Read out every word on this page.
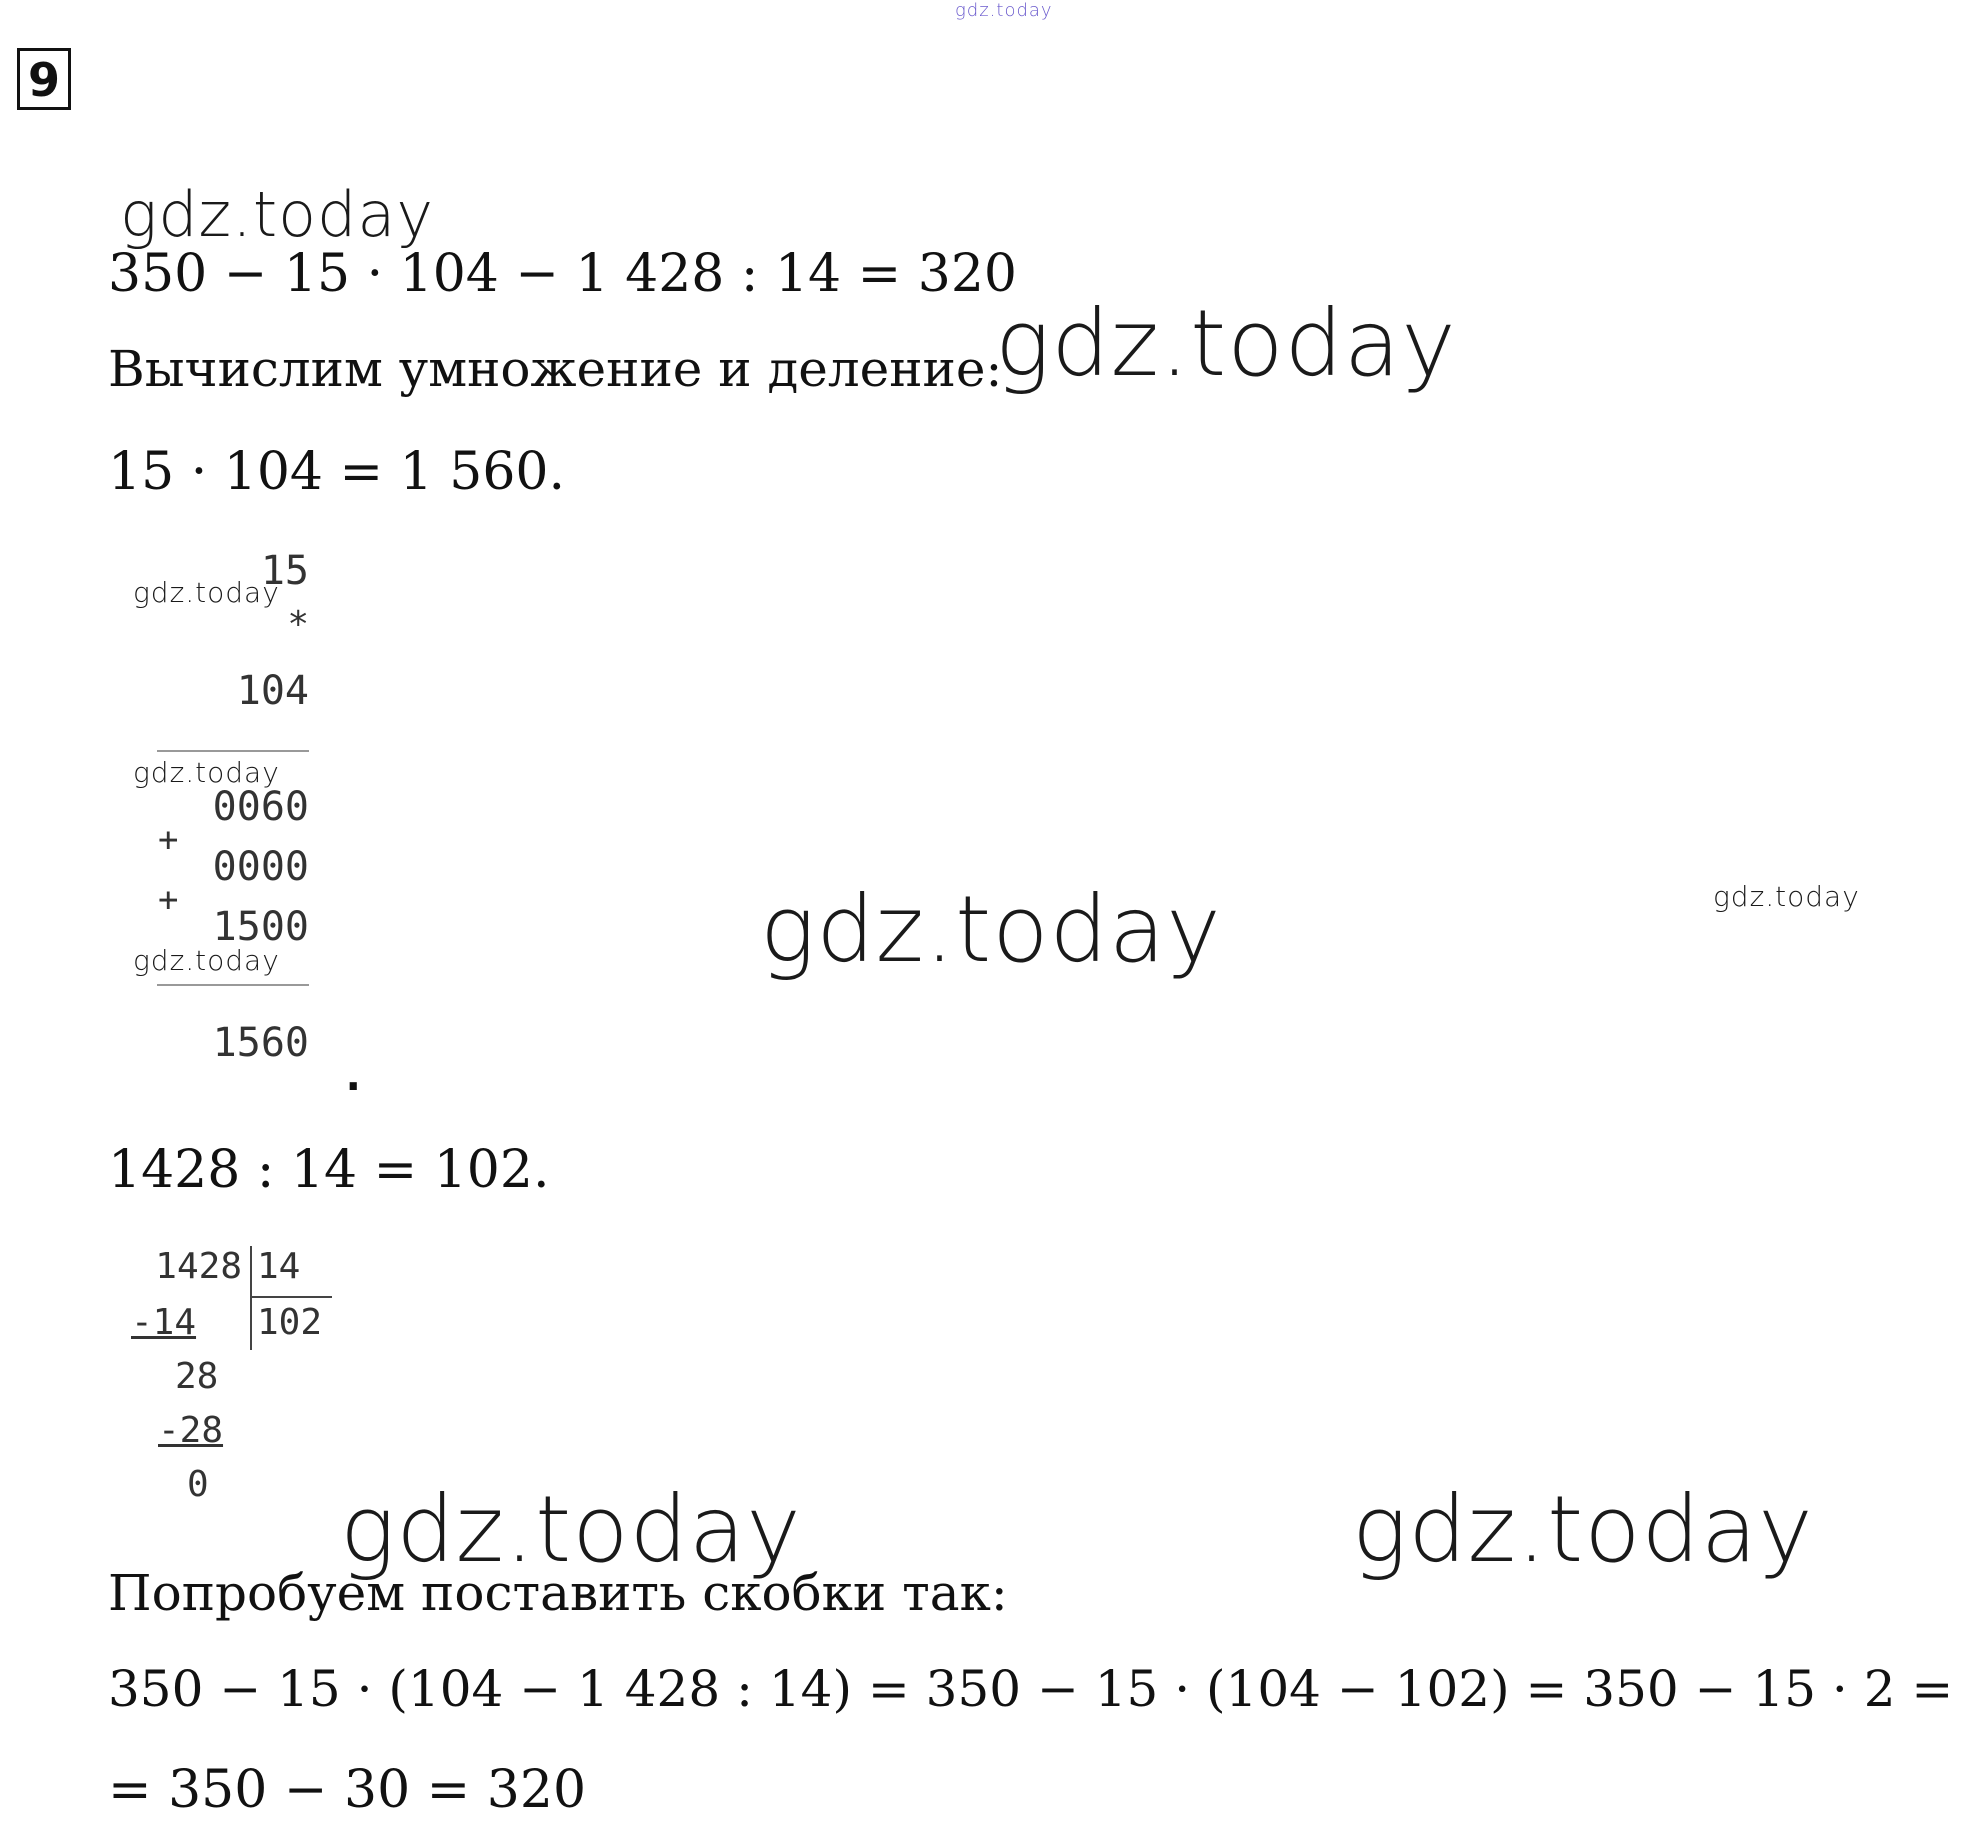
gdz.today
9
gdz.today
350 − 15 · 104 − 1 428 : 14 = 320
Вычислим умножение и деление:
gdz.today
15 · 104 = 1 560.
15
gdz.today
*
104
gdz.today
0060
+
0000
+
1500
gdz.today
1560
.
gdz.today	gdz.today
1428 : 14 = 102.
1428 14
-14 102
28
-28
0 gdz.today	gdz.today
Попробуем поставить скобки так:
350 − 15 · (104 − 1 428 : 14) = 350 − 15 · (104 − 102) = 350 − 15 · 2 =
= 350 − 30 = 320
